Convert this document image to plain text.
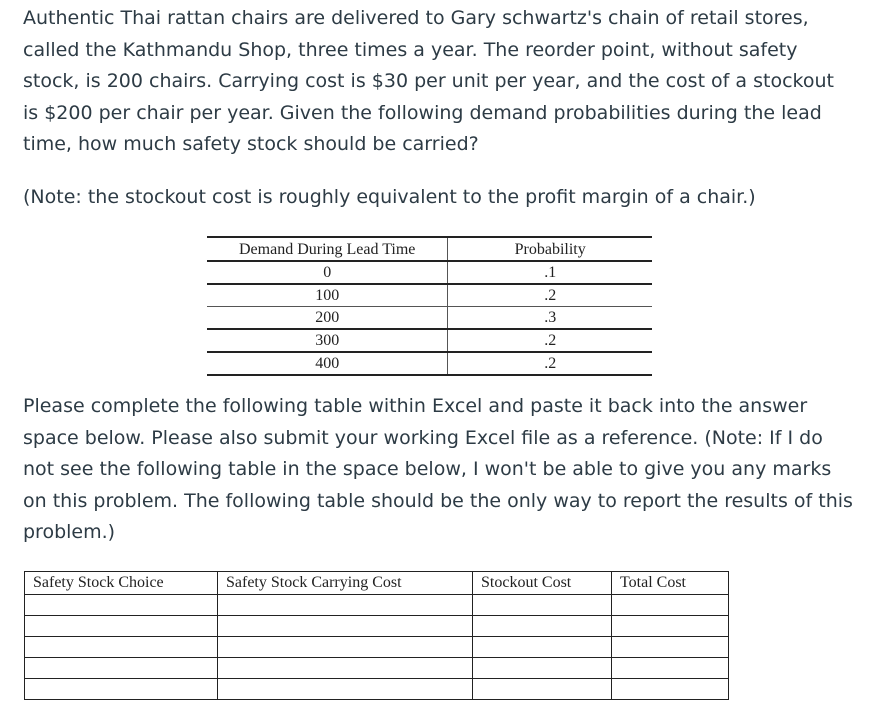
Authentic Thai rattan chairs are delivered to Gary schwartz's chain of retail stores, called the Kathmandu Shop, three times a year. The reorder point, without safety stock, is 200 chairs. Carrying cost is $30 per unit per year, and the cost of a stockout is $200 per chair per year. Given the following demand probabilities during the lead time, how much safety stock should be carried?

(Note: the stockout cost is roughly equivalent to the profit margin of a chair.)

Demand During Lead Time	Probability
0	.1
100	.2
200	.3
300	.2
400	.2

Please complete the following table within Excel and paste it back into the answer space below. Please also submit your working Excel file as a reference. (Note: If I do not see the following table in the space below, I won't be able to give you any marks on this problem. The following table should be the only way to report the results of this problem.)

Safety Stock Choice	Safety Stock Carrying Cost	Stockout Cost	Total Cost
